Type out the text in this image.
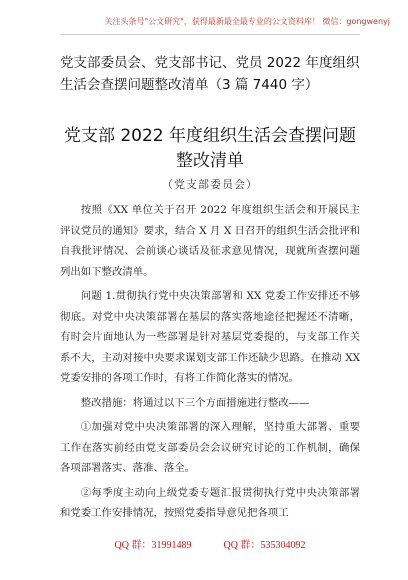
关注头条号"公文研究"，获得最新最全最专业的公文资料库！ 微信：gongwenyj
党支部委员会、党支部书记、党员 2022 年度组织生活会查摆问题整改清单（3 篇 7440 字）
党支部 2022 年度组织生活会查摆问题整改清单
（党支部委员会）

按照《XX 单位关于召开 2022 年度组织生活会和开展民主评议党员的通知》要求，结合 X 月 X 日召开的组织生活会批评和自我批评情况、会前谈心谈话及征求意见情况，现就所查摆问题列出如下整改清单。

问题 1.贯彻执行党中央决策部署和 XX 党委工作安排还不够彻底。对党中央决策部署在基层的落实落地途径把握还不清晰，有时会片面地认为一些部署是针对基层党委提的，与支部工作关系不大，主动对接中央要求谋划支部工作还缺少思路。在推动 XX 党委安排的各项工作时，有将工作简化落实的情况。

整改措施：将通过以下三个方面措施进行整改——

①加强对党中央决策部署的深入理解，坚持重大部署、重要工作在落实前经由党支部委员会会议研究讨论的工作机制，确保各项部署落实、落准、落全。

②每季度主动向上级党委专题汇报贯彻执行党中央决策部署和党委工作安排情况，按照党委指导意见把各项工

QQ 群：31991489	QQ 群：535304092
